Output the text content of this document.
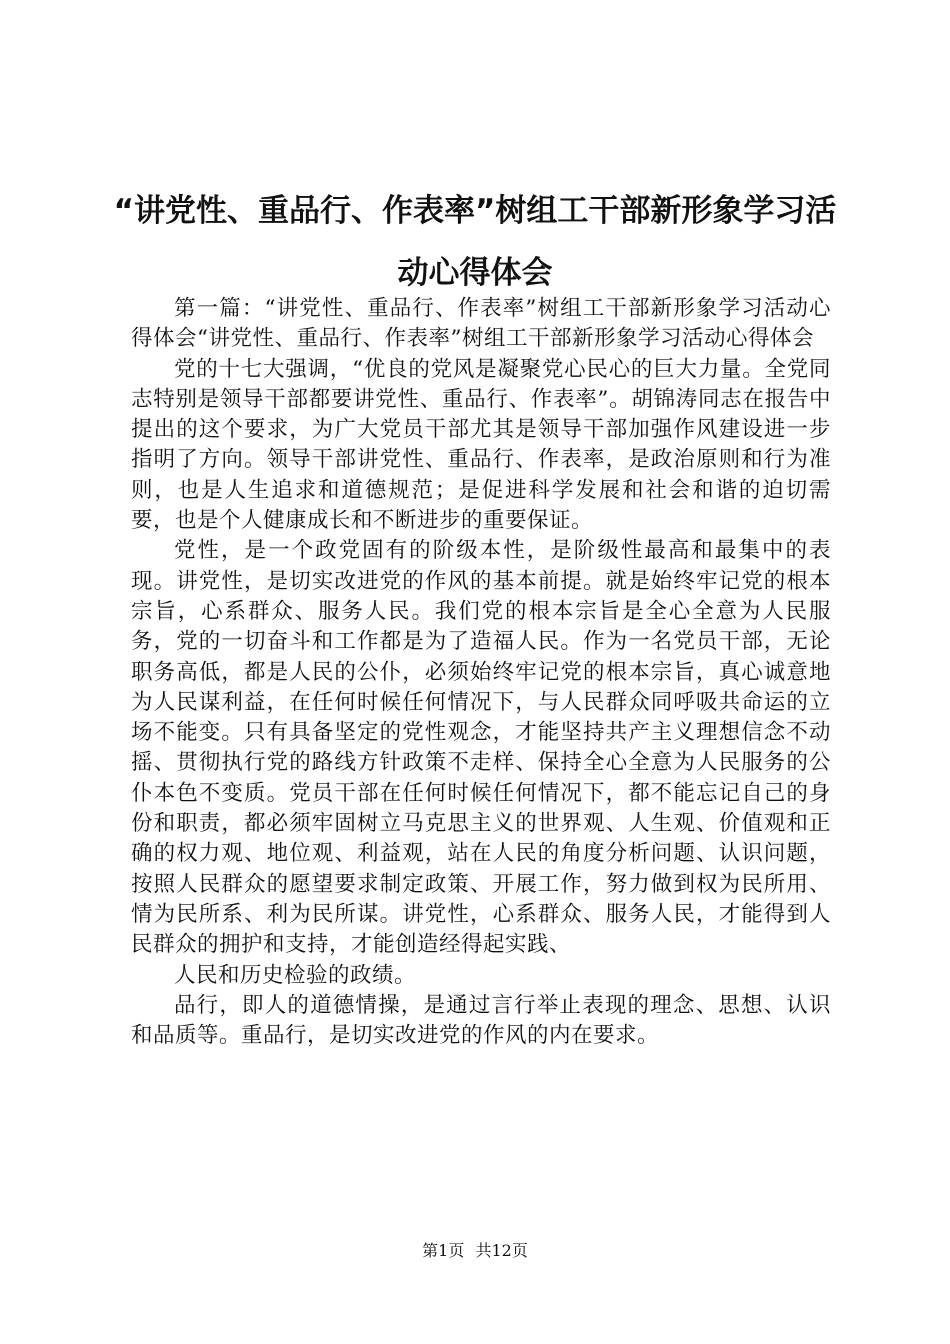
“讲党性、重品行、作表率”树组工干部新形象学习活动心得体会

第一篇：“讲党性、重品行、作表率”树组工干部新形象学习活动心得体会“讲党性、重品行、作表率”树组工干部新形象学习活动心得体会

党的十七大强调，“优良的党风是凝聚党心民心的巨大力量。全党同志特别是领导干部都要讲党性、重品行、作表率”。胡锦涛同志在报告中提出的这个要求，为广大党员干部尤其是领导干部加强作风建设进一步指明了方向。领导干部讲党性、重品行、作表率，是政治原则和行为准则，也是人生追求和道德规范；是促进科学发展和社会和谐的迫切需要，也是个人健康成长和不断进步的重要保证。

党性，是一个政党固有的阶级本性，是阶级性最高和最集中的表现。讲党性，是切实改进党的作风的基本前提。就是始终牢记党的根本宗旨，心系群众、服务人民。我们党的根本宗旨是全心全意为人民服务，党的一切奋斗和工作都是为了造福人民。作为一名党员干部，无论职务高低，都是人民的公仆，必须始终牢记党的根本宗旨，真心诚意地为人民谋利益，在任何时候任何情况下，与人民群众同呼吸共命运的立场不能变。只有具备坚定的党性观念，才能坚持共产主义理想信念不动摇、贯彻执行党的路线方针政策不走样、保持全心全意为人民服务的公仆本色不变质。党员干部在任何时候任何情况下，都不能忘记自己的身份和职责，都必须牢固树立马克思主义的世界观、人生观、价值观和正确的权力观、地位观、利益观，站在人民的角度分析问题、认识问题，按照人民群众的愿望要求制定政策、开展工作，努力做到权为民所用、情为民所系、利为民所谋。讲党性，心系群众、服务人民，才能得到人民群众的拥护和支持，才能创造经得起实践、

人民和历史检验的政绩。

品行，即人的道德情操，是通过言行举止表现的理念、思想、认识和品质等。重品行，是切实改进党的作风的内在要求。

第1页 共12页
